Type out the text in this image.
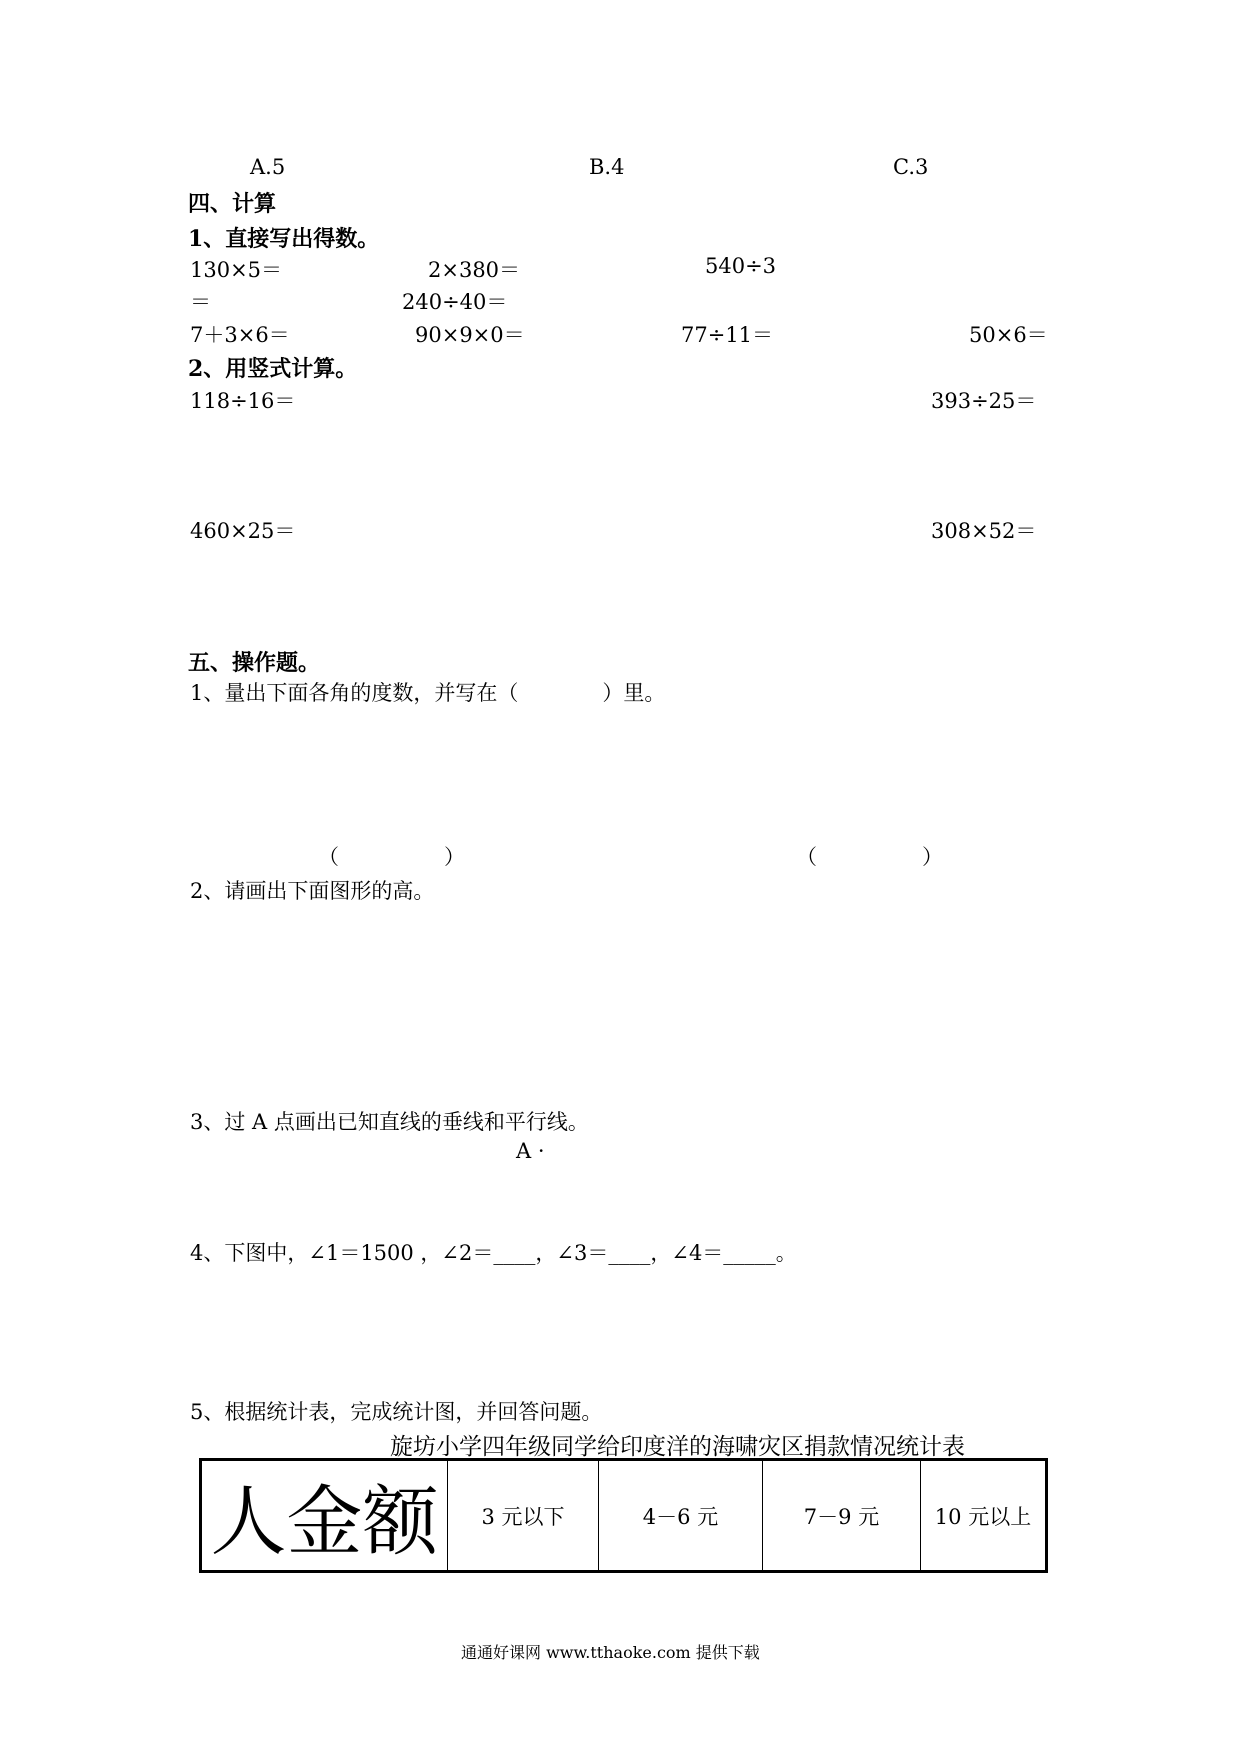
A.5	B.4	C.3
四、计算
1、直接写出得数。
130×5＝	2×380＝	540÷3
＝	240÷40＝
7＋3×6＝	90×9×0＝	77÷11＝	50×6＝
2、用竖式计算。
118÷16＝	393÷25＝
460×25＝	308×52＝
五、操作题。
1、量出下面各角的度数，并写在（　　　　）里。
（　　　　　）	（　　　　　）
2、请画出下面图形的高。
3、过 A 点画出已知直线的垂线和平行线。
A ·
4、下图中，∠1＝1500 ，∠2＝____，∠3＝____，∠4＝_____。
5、根据统计表，完成统计图，并回答问题。
旋坊小学四年级同学给印度洋的海啸灾区捐款情况统计表
人金额	3 元以下	4－6 元	7－9 元	10 元以上
通通好课网 www.tthaoke.com 提供下载
